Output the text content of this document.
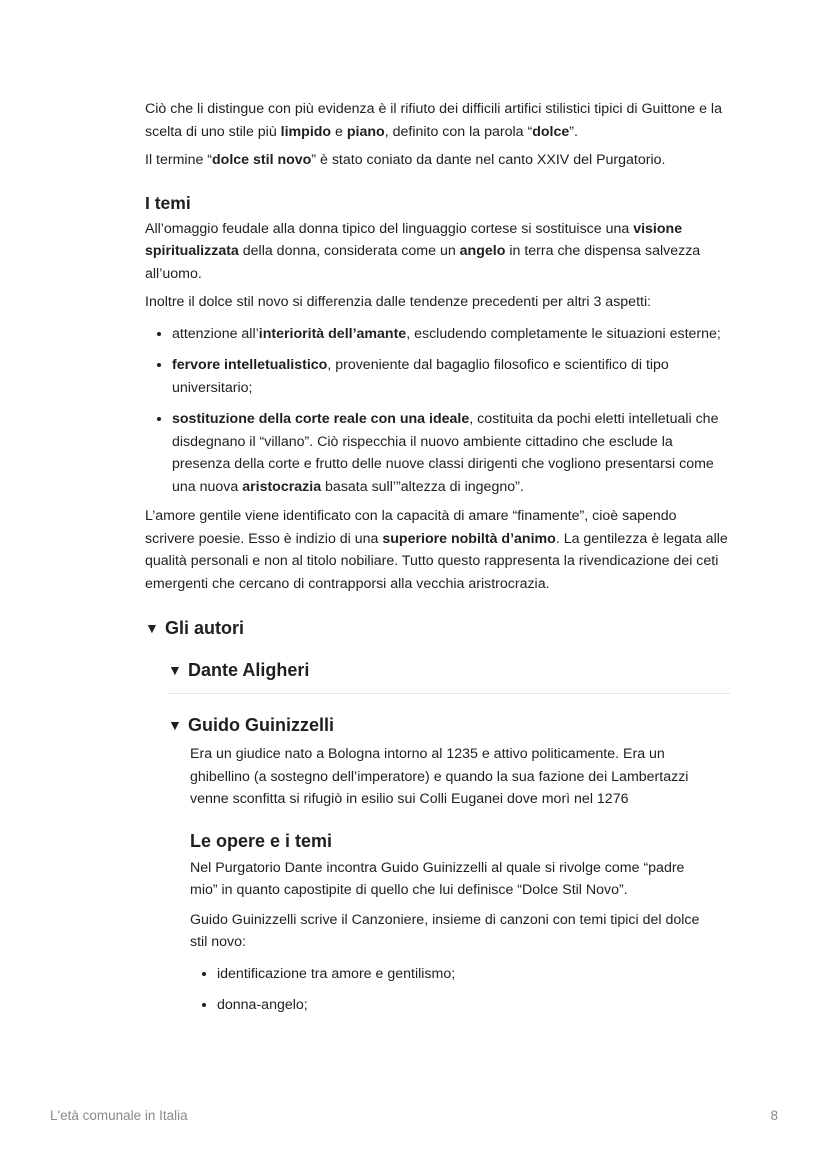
Ciò che li distingue con più evidenza è il rifiuto dei difficili artifici stilistici tipici di Guittone e la scelta di uno stile più limpido e piano, definito con la parola “dolce”.

Il termine “dolce stil novo” è stato coniato da dante nel canto XXIV del Purgatorio.

I temi

All’omaggio feudale alla donna tipico del linguaggio cortese si sostituisce una visione spiritualizzata della donna, considerata come un angelo in terra che dispensa salvezza all’uomo.

Inoltre il dolce stil novo si differenzia dalle tendenze precedenti per altri 3 aspetti:

• attenzione all’interiorità dell’amante, escludendo completamente le situazioni esterne;
• fervore intelletualistico, proveniente dal bagaglio filosofico e scientifico di tipo universitario;
• sostituzione della corte reale con una ideale, costituita da pochi eletti intelletuali che disdegnano il “villano”. Ciò rispecchia il nuovo ambiente cittadino che esclude la presenza della corte e frutto delle nuove classi dirigenti che vogliono presentarsi come una nuova aristocrazia basata sull’”altezza di ingegno”.

L’amore gentile viene identificato con la capacità di amare “finamente”, cioè sapendo scrivere poesie. Esso è indizio di una superiore nobiltà d’animo. La gentilezza è legata alle qualità personali e non al titolo nobiliare. Tutto questo rappresenta la rivendicazione dei ceti emergenti che cercano di contrapporsi alla vecchia aristrocrazia.

▼ Gli autori
▼ Dante Aligheri
▼ Guido Guinizzelli

Era un giudice nato a Bologna intorno al 1235 e attivo politicamente. Era un ghibellino (a sostegno dell’imperatore) e quando la sua fazione dei Lambertazzi venne sconfitta si rifugiò in esilio sui Colli Euganei dove morì nel 1276

Le opere e i temi

Nel Purgatorio Dante incontra Guido Guinizzelli al quale si rivolge come “padre mio” in quanto capostipite di quello che lui definisce “Dolce Stil Novo”.

Guido Guinizzelli scrive il Canzoniere, insieme di canzoni con temi tipici del dolce stil novo:

• identificazione tra amore e gentilismo;
• donna-angelo;
L'età comunale in Italia	8
